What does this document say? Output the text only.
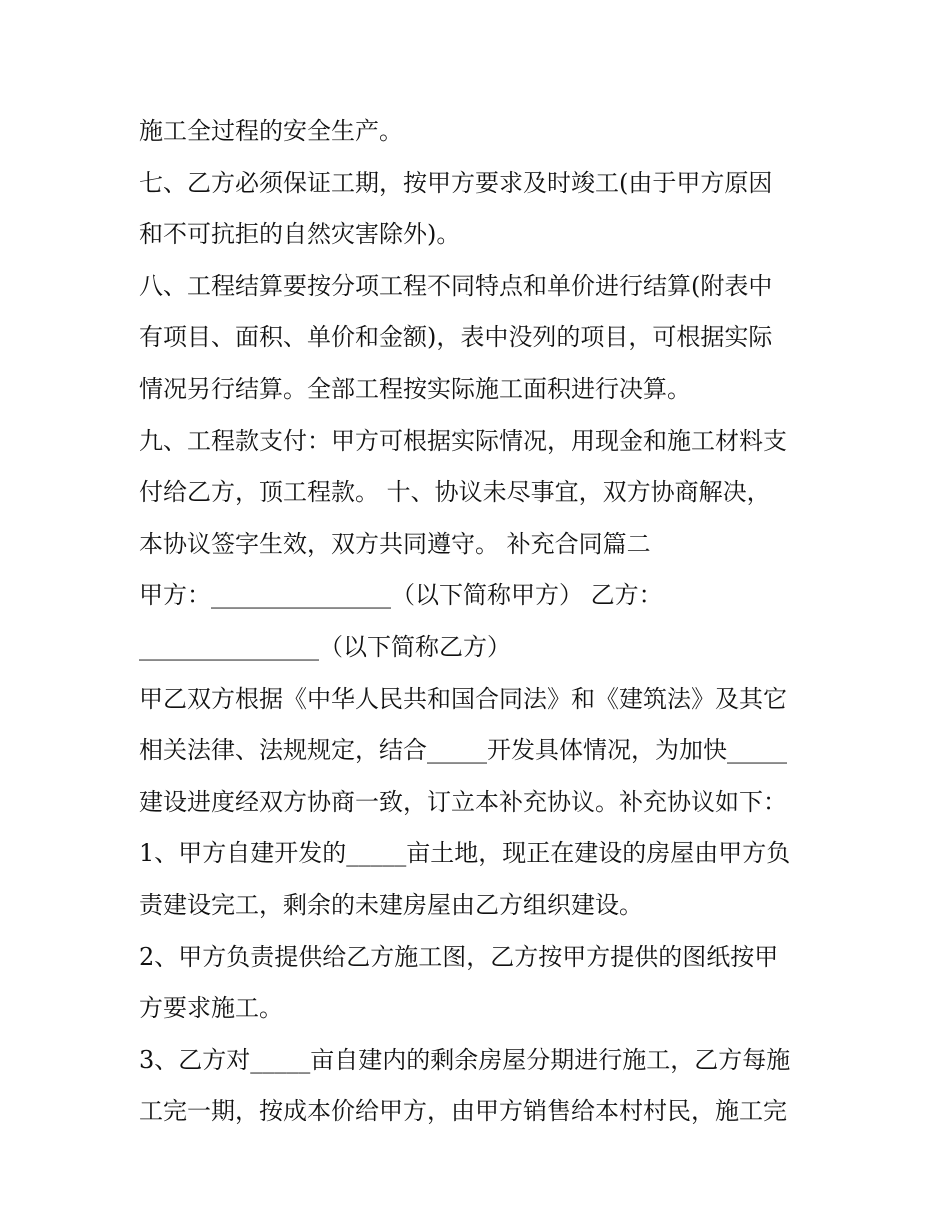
施工全过程的安全生产。
七、乙方必须保证工期，按甲方要求及时竣工(由于甲方原因
和不可抗拒的自然灾害除外)。
八、工程结算要按分项工程不同特点和单价进行结算(附表中
有项目、面积、单价和金额)，表中没列的项目，可根据实际
情况另行结算。全部工程按实际施工面积进行决算。
九、工程款支付：甲方可根据实际情况，用现金和施工材料支
付给乙方，顶工程款。 十、协议未尽事宜，双方协商解决，
本协议签字生效，双方共同遵守。 补充合同篇二
甲方：_______________（以下简称甲方） 乙方：
_______________（以下简称乙方）
甲乙双方根据《中华人民共和国合同法》和《建筑法》及其它
相关法律、法规规定，结合_____开发具体情况，为加快_____
建设进度经双方协商一致，订立本补充协议。补充协议如下：
1、甲方自建开发的_____亩土地，现正在建设的房屋由甲方负
责建设完工，剩余的未建房屋由乙方组织建设。
2、甲方负责提供给乙方施工图，乙方按甲方提供的图纸按甲
方要求施工。
3、乙方对_____亩自建内的剩余房屋分期进行施工，乙方每施
工完一期，按成本价给甲方，由甲方销售给本村村民，施工完
